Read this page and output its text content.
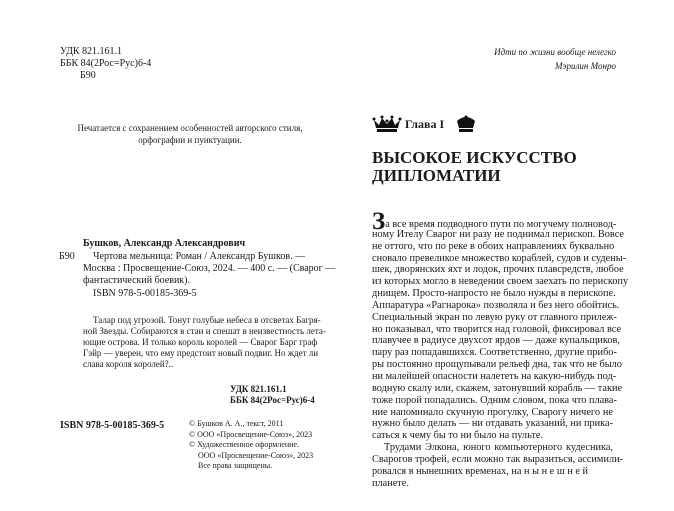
УДК 821.161.1
ББК 84(2Рос=Рус)6-4
Б90
Печатается с сохранением особенностей авторского стиля,
орфографии и пунктуации.
Бушков, Александр Александрович
Б90 Чертова мельница: Роман / Александр Бушков. —
Москва : Просвещение-Союз, 2024. — 400 с. — (Сварог —
фантастический боевик).
ISBN 978-5-00185-369-5
Талар под угрозой. Тонут голубые небеса в отсветах Багря-
ной Звезды. Собираются в стаи и спешат в неизвестность лета-
ющие острова. И только король королей — Сварог Барг граф
Гэйр — уверен, что ему предстоит новый подвиг. Но ждет ли
слава короля королей?..
УДК 821.161.1
ББК 84(2Рос=Рус)6-4
ISBN 978-5-00185-369-5	© Бушков А. А., текст, 2011
© ООО «Просвещение-Союз», 2023
© Художественное оформление.
ООО «Просвещение-Союз», 2023
Все права защищены.
Идти по жизни вообще нелегко
Мэрилин Монро
Глава I
ВЫСОКОЕ ИСКУССТВО
ДИПЛОМАТИИ
За все время подводного пути по могучему полновод-
ному Ителу Сварог ни разу не поднимал перископ. Вовсе
не оттого, что по реке в обоих направлениях буквально
сновало превеликое множество кораблей, судов и судены-
шек, дворянских яхт и лодок, прочих плавсредств, любое
из которых могло в неведении своем заехать по перископу
днищем. Просто-напросто не было нужды в перископе.
Аппаратура «Рагнарока» позволяла и без него обойтись.
Специальный экран по левую руку от главного прилеж-
но показывал, что творится над головой, фиксировал все
плавучее в радиусе двухсот ярдов — даже купальщиков,
пару раз попадавшихся. Соответственно, другие прибо-
ры постоянно прощупывали рельеф дна, так что не было
ни малейшей опасности налететь на какую-нибудь под-
водную скалу или, скажем, затонувший корабль — такие
тоже порой попадались. Одним словом, пока что плава-
ние напоминало скучную прогулку, Сварогу ничего не
нужно было делать — ни отдавать указаний, ни прика-
саться к чему бы то ни было на пульте.
Трудами Элкона, юного компьютерного кудесника,
Сварогов трофей, если можно так выразиться, ассимили-
ровался в нынешних временах, на н ы н е ш н е й планете.
